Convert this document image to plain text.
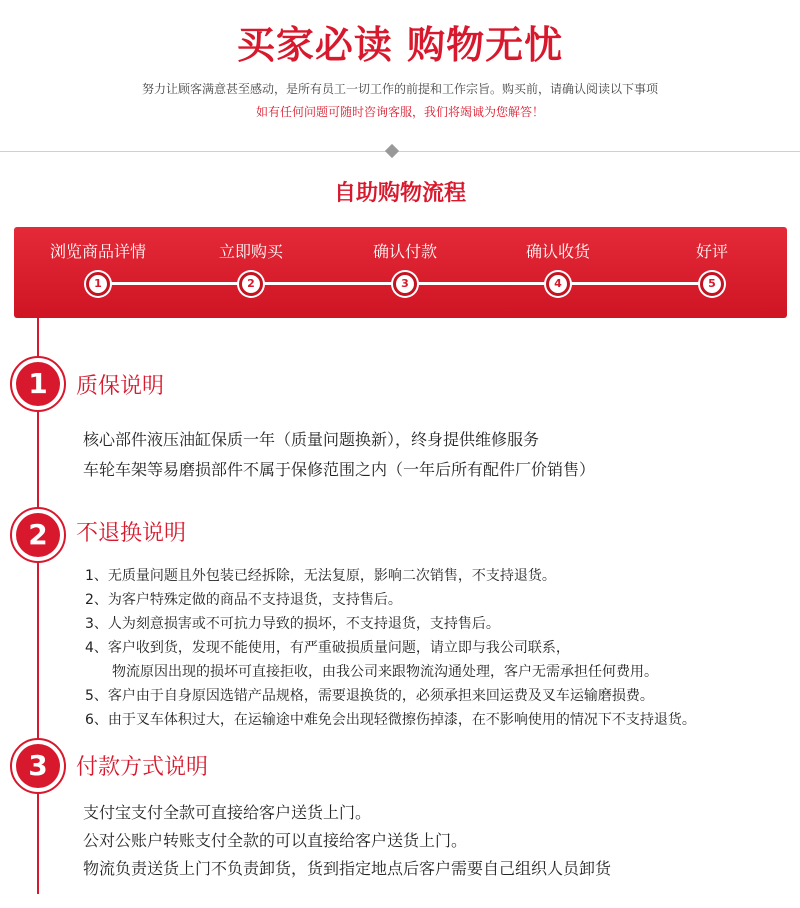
买家必读 购物无忧
努力让顾客满意甚至感动，是所有员工一切工作的前提和工作宗旨。购买前，请确认阅读以下事项
如有任何问题可随时咨询客服，我们将竭诚为您解答！
自助购物流程
浏览商品详情	立即购买	确认付款	确认收货	好评
1	2	3	4	5
1	质保说明
核心部件液压油缸保质一年（质量问题换新），终身提供维修服务
车轮车架等易磨损部件不属于保修范围之内（一年后所有配件厂价销售）
2	不退换说明
1、无质量问题且外包装已经拆除，无法复原，影响二次销售，不支持退货。
2、为客户特殊定做的商品不支持退货，支持售后。
3、人为刻意损害或不可抗力导致的损坏，不支持退货，支持售后。
4、客户收到货，发现不能使用，有严重破损质量问题，请立即与我公司联系，
物流原因出现的损坏可直接拒收，由我公司来跟物流沟通处理，客户无需承担任何费用。
5、客户由于自身原因选错产品规格，需要退换货的，必须承担来回运费及叉车运输磨损费。
6、由于叉车体积过大，在运输途中难免会出现轻微擦伤掉漆，在不影响使用的情况下不支持退货。
3	付款方式说明
支付宝支付全款可直接给客户送货上门。
公对公账户转账支付全款的可以直接给客户送货上门。
物流负责送货上门不负责卸货，货到指定地点后客户需要自己组织人员卸货
